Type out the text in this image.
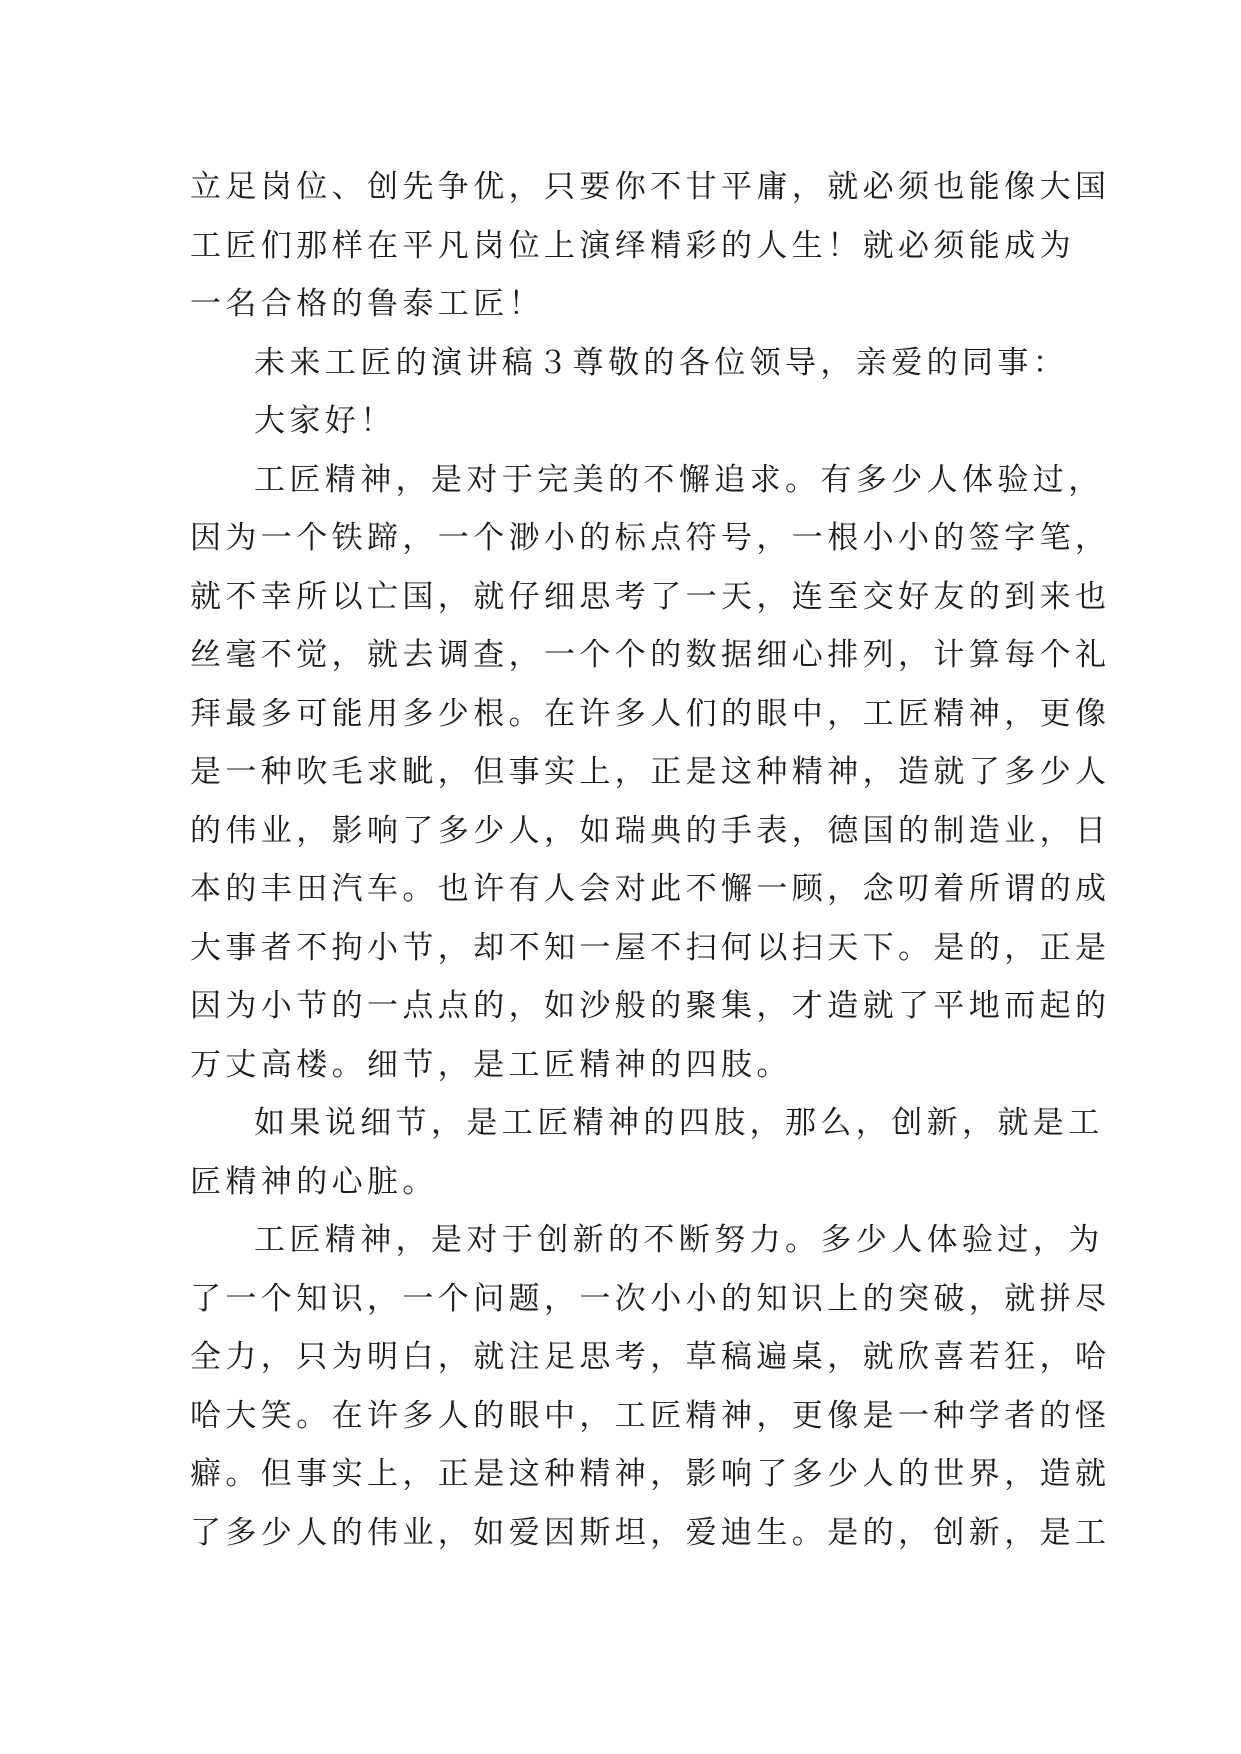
立足岗位、创先争优，只要你不甘平庸，就必须也能像大国
工匠们那样在平凡岗位上演绎精彩的人生！就必须能成为
一名合格的鲁泰工匠！
未来工匠的演讲稿３尊敬的各位领导，亲爱的同事：
大家好！
工匠精神，是对于完美的不懈追求。有多少人体验过，
因为一个铁蹄，一个渺小的标点符号，一根小小的签字笔，
就不幸所以亡国，就仔细思考了一天，连至交好友的到来也
丝毫不觉，就去调查，一个个的数据细心排列，计算每个礼
拜最多可能用多少根。在许多人们的眼中，工匠精神，更像
是一种吹毛求眦，但事实上，正是这种精神，造就了多少人
的伟业，影响了多少人，如瑞典的手表，德国的制造业，日
本的丰田汽车。也许有人会对此不懈一顾，念叨着所谓的成
大事者不拘小节，却不知一屋不扫何以扫天下。是的，正是
因为小节的一点点的，如沙般的聚集，才造就了平地而起的
万丈高楼。细节，是工匠精神的四肢。
如果说细节，是工匠精神的四肢，那么，创新，就是工
匠精神的心脏。
工匠精神，是对于创新的不断努力。多少人体验过，为
了一个知识，一个问题，一次小小的知识上的突破，就拼尽
全力，只为明白，就注足思考，草稿遍桌，就欣喜若狂，哈
哈大笑。在许多人的眼中，工匠精神，更像是一种学者的怪
癖。但事实上，正是这种精神，影响了多少人的世界，造就
了多少人的伟业，如爱因斯坦，爱迪生。是的，创新，是工
